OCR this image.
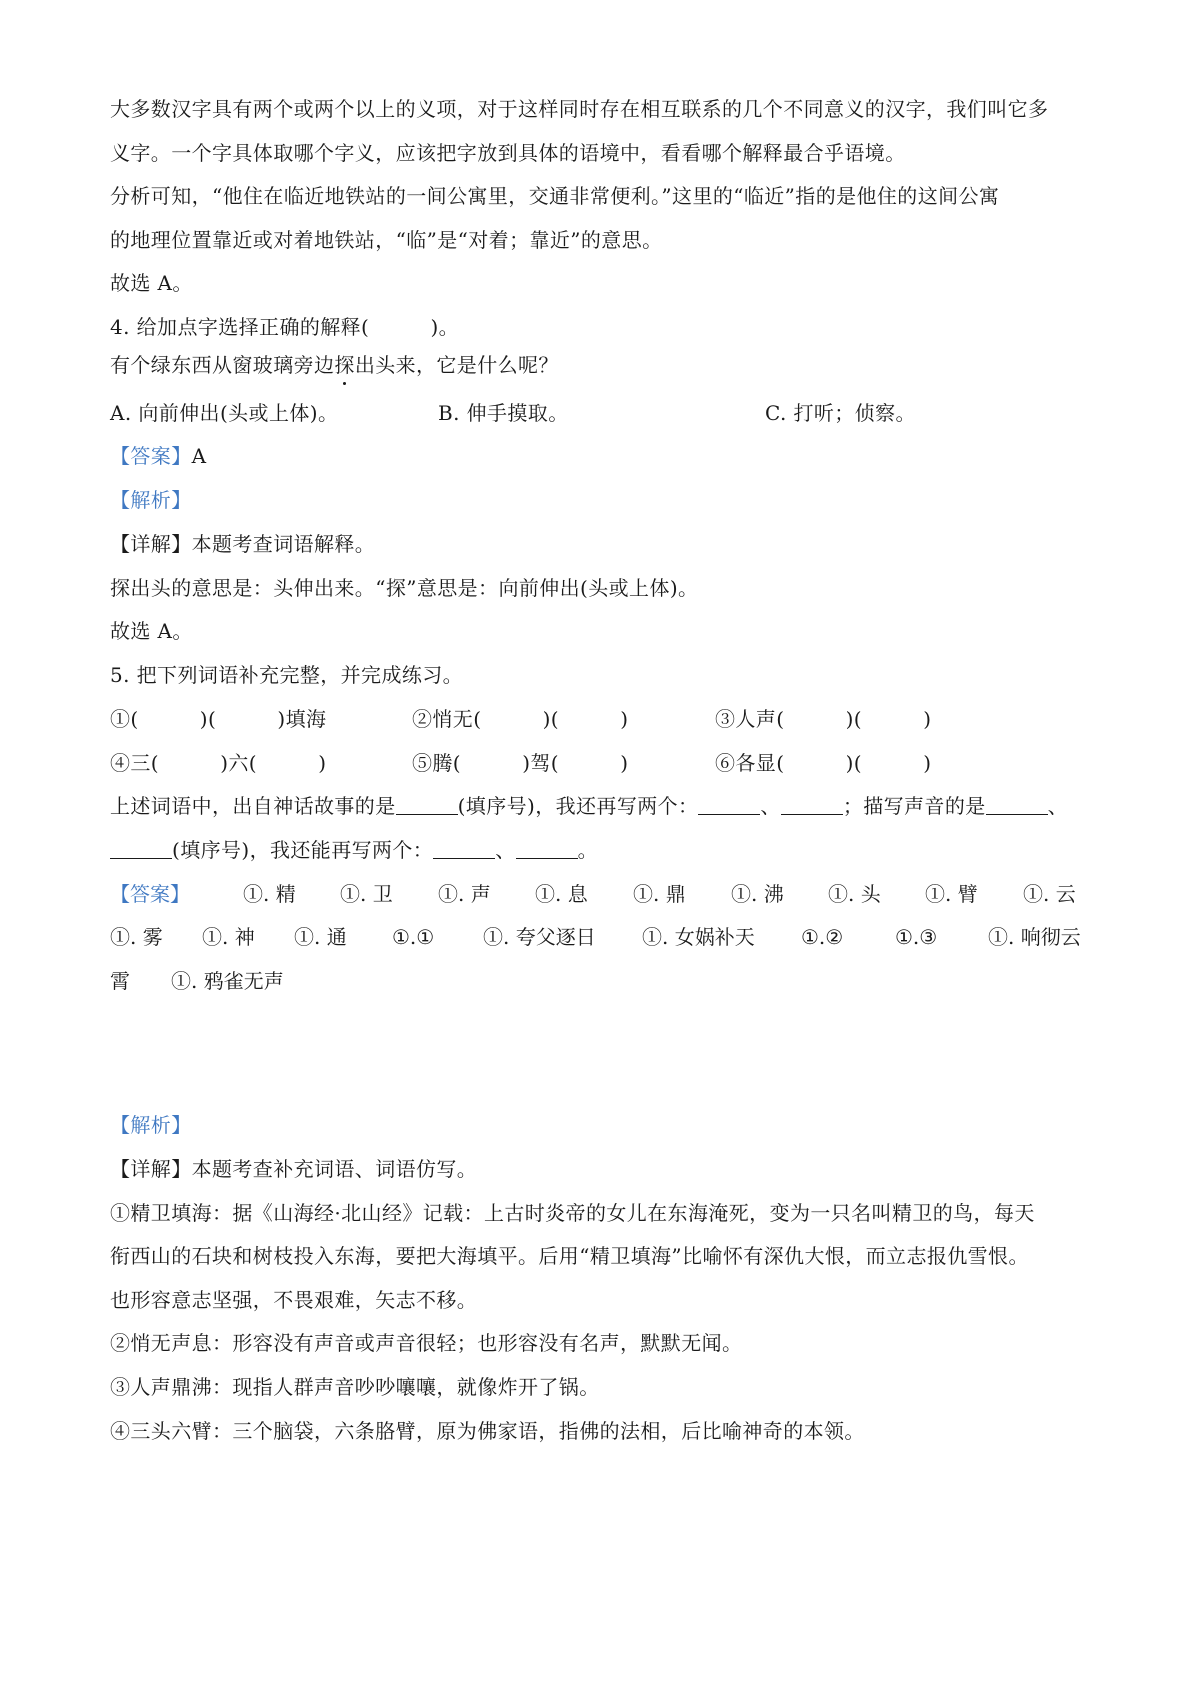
大多数汉字具有两个或两个以上的义项，对于这样同时存在相互联系的几个不同意义的汉字，我们叫它多
义字。一个字具体取哪个字义，应该把字放到具体的语境中，看看哪个解释最合乎语境。
分析可知，“他住在临近地铁站的一间公寓里，交通非常便利。”这里的“临近”指的是他住的这间公寓
的地理位置靠近或对着地铁站，“临”是“对着；靠近”的意思。
故选 A。
4. 给加点字选择正确的解释(　　　)。
有个绿东西从窗玻璃旁边探出头来，它是什么呢？
A. 向前伸出(头或上体)。	B. 伸手摸取。	C. 打听；侦察。
【答案】A
【解析】
【详解】本题考查词语解释。
探出头的意思是：头伸出来。“探”意思是：向前伸出(头或上体)。
故选 A。
5. 把下列词语补充完整，并完成练习。
①(　　　)(　　　)填海	②悄无(　　　)(　　　)	③人声(　　　)(　　　)
④三(　　　)六(　　　)	⑤腾(　　　)驾(　　　)	⑥各显(　　　)(　　　)
上述词语中，出自神话故事的是	(填序号)，我还再写两个：	、	；描写声音的是	、
(填序号)，我还能再写两个：	、	。
【答案】	①. 精 ①. 卫 ①. 声 ①. 息 ①. 鼎 ①. 沸 ①. 头 ①. 臂 ①. 云
①. 雾 ①. 神 ①. 通 ①.① ①. 夸父逐日 ①. 女娲补天 ①.②	①.③	①. 响彻云
霄 ①. 鸦雀无声
【解析】
【详解】本题考查补充词语、词语仿写。
①精卫填海：据《山海经·北山经》记载：上古时炎帝的女儿在东海淹死，变为一只名叫精卫的鸟，每天
衔西山的石块和树枝投入东海，要把大海填平。后用“精卫填海”比喻怀有深仇大恨，而立志报仇雪恨。
也形容意志坚强，不畏艰难，矢志不移。
②悄无声息：形容没有声音或声音很轻；也形容没有名声，默默无闻。
③人声鼎沸：现指人群声音吵吵嚷嚷，就像炸开了锅。
④三头六臂：三个脑袋，六条胳臂，原为佛家语，指佛的法相，后比喻神奇的本领。
